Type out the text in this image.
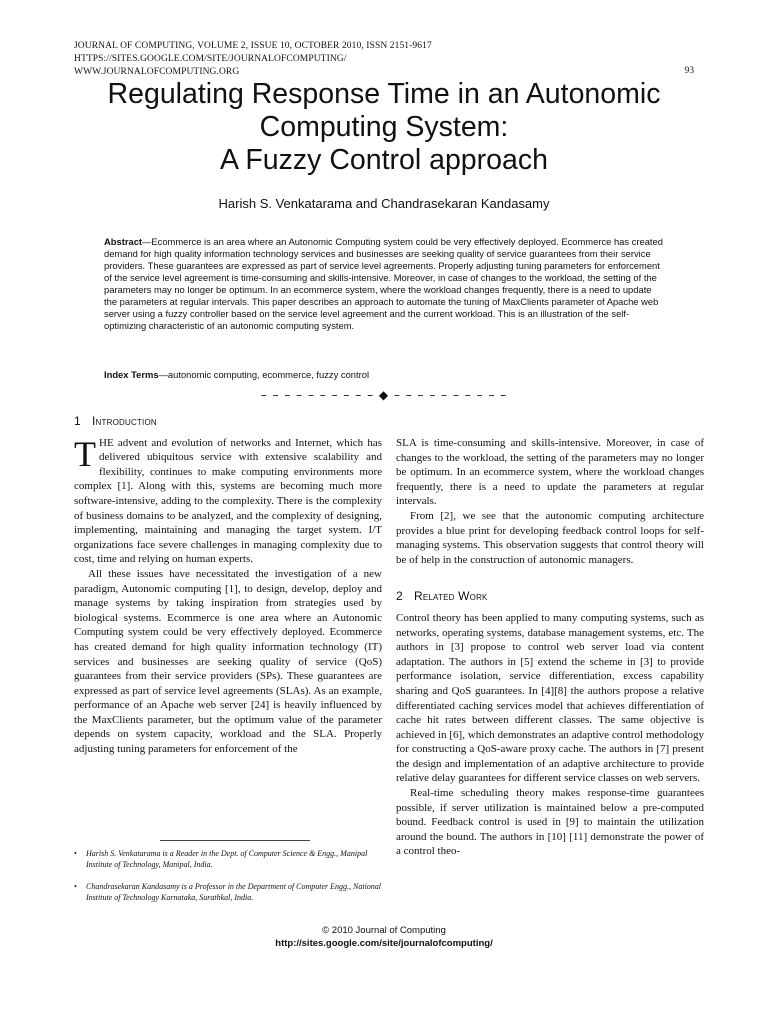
JOURNAL OF COMPUTING, VOLUME 2, ISSUE 10, OCTOBER 2010, ISSN 2151-9617
HTTPS://SITES.GOOGLE.COM/SITE/JOURNALOFCOMPUTING/
WWW.JOURNALOFCOMPUTING.ORG	93
Regulating Response Time in an Autonomic
Computing System:
A Fuzzy Control approach
Harish S. Venkatarama and Chandrasekaran Kandasamy

Abstract—Ecommerce is an area where an Autonomic Computing system could be very effectively deployed. Ecommerce has created demand for high quality information technology services and businesses are seeking quality of service guarantees from their service providers. These guarantees are expressed as part of service level agreements. Properly adjusting tuning parameters for enforcement of the service level agreement is time-consuming and skills-intensive. Moreover, in case of changes to the workload, the setting of the parameters may no longer be optimum. In an ecommerce system, where the workload changes frequently, there is a need to update the parameters at regular intervals. This paper describes an approach to automate the tuning of MaxClients parameter of Apache web server using a fuzzy controller based on the service level agreement and the current workload. This is an illustration of the self-optimizing characteristic of an autonomic computing system.

Index Terms—autonomic computing, ecommerce, fuzzy control
– – – – – – – – – – ◆ – – – – – – – – – –
1 Introduction

THE advent and evolution of networks and Internet, which has delivered ubiquitous service with extensive scalability and flexibility, continues to make computing environments more complex [1]. Along with this, systems are becoming much more software-intensive, adding to the complexity. There is the complexity of business domains to be analyzed, and the complexity of designing, implementing, maintaining and managing the target system. I/T organizations face severe challenges in managing complexity due to cost, time and relying on human experts.

All these issues have necessitated the investigation of a new paradigm, Autonomic computing [1], to design, develop, deploy and manage systems by taking inspiration from strategies used by biological systems. Ecommerce is one area where an Autonomic Computing system could be very effectively deployed. Ecommerce has created demand for high quality information technology (IT) services and businesses are seeking quality of service (QoS) guarantees from their service providers (SPs). These guarantees are expressed as part of service level agreements (SLAs). As an example, performance of an Apache web server [24] is heavily influenced by the MaxClients parameter, but the optimum value of the parameter depends on system capacity, workload and the SLA. Properly adjusting tuning parameters for enforcement of the

SLA is time-consuming and skills-intensive. Moreover, in case of changes to the workload, the setting of the parameters may no longer be optimum. In an ecommerce system, where the workload changes frequently, there is a need to update the parameters at regular intervals.

From [2], we see that the autonomic computing architecture provides a blue print for developing feedback control loops for self-managing systems. This observation suggests that control theory will be of help in the construction of autonomic managers.

2 Related Work

Control theory has been applied to many computing systems, such as networks, operating systems, database management systems, etc. The authors in [3] propose to control web server load via content adaptation. The authors in [5] extend the scheme in [3] to provide performance isolation, service differentiation, excess capability sharing and QoS guarantees. In [4][8] the authors propose a relative differentiated caching services model that achieves differentiation of cache hit rates between different classes. The same objective is achieved in [6], which demonstrates an adaptive control methodology for constructing a QoS-aware proxy cache. The authors in [7] present the design and implementation of an adaptive architecture to provide relative delay guarantees for different service classes on web servers.

Real-time scheduling theory makes response-time guarantees possible, if server utilization is maintained below a pre-computed bound. Feedback control is used in [9] to maintain the utilization around the bound. The authors in [10] [11] demonstrate the power of a control theo-

• Harish S. Venkatarama is a Reader in the Dept. of Computer Science & Engg., Manipal Institute of Technology, Manipal, India.
• Chandrasekaran Kandasamy is a Professor in the Department of Computer Engg., National Institute of Technology Karnataka, Surathkal, India.
© 2010 Journal of Computing
http://sites.google.com/site/journalofcomputing/
